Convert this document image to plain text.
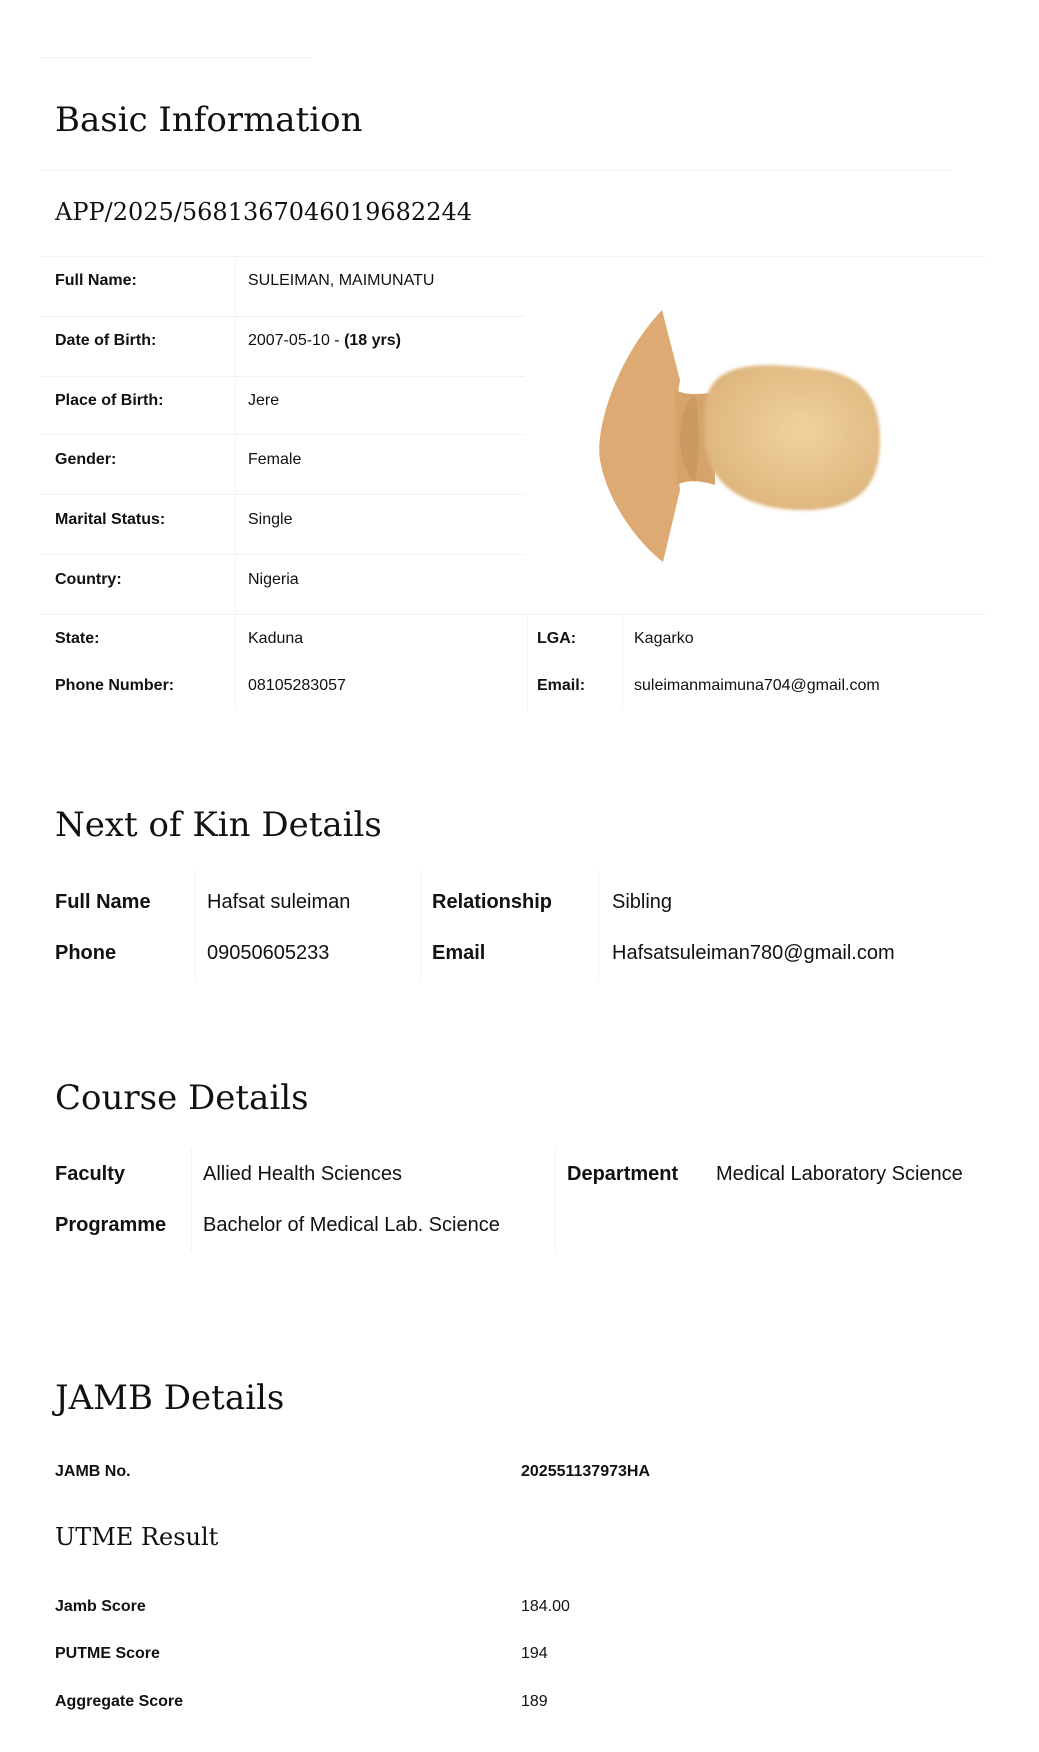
Basic Information
APP/2025/5681367046019682244
Full Name:	SULEIMAN, MAIMUNATU
Date of Birth:	2007-05-10 - (18 yrs)
Place of Birth:	Jere
Gender:	Female
Marital Status:	Single
Country:	Nigeria
State:	Kaduna
Phone Number:	08105283057
LGA:	Kagarko
Email:	suleimanmaimuna704@gmail.com
Next of Kin Details
Full Name	Hafsat suleiman	Relationship	Sibling
Phone	09050605233	Email	Hafsatsuleiman780@gmail.com
Course Details
Faculty	Allied Health Sciences	Department Medical Laboratory Science
Programme Bachelor of Medical Lab. Science
JAMB Details
JAMB No.	202551137973HA
UTME Result
Jamb Score	184.00
PUTME Score	194
Aggregate Score	189
